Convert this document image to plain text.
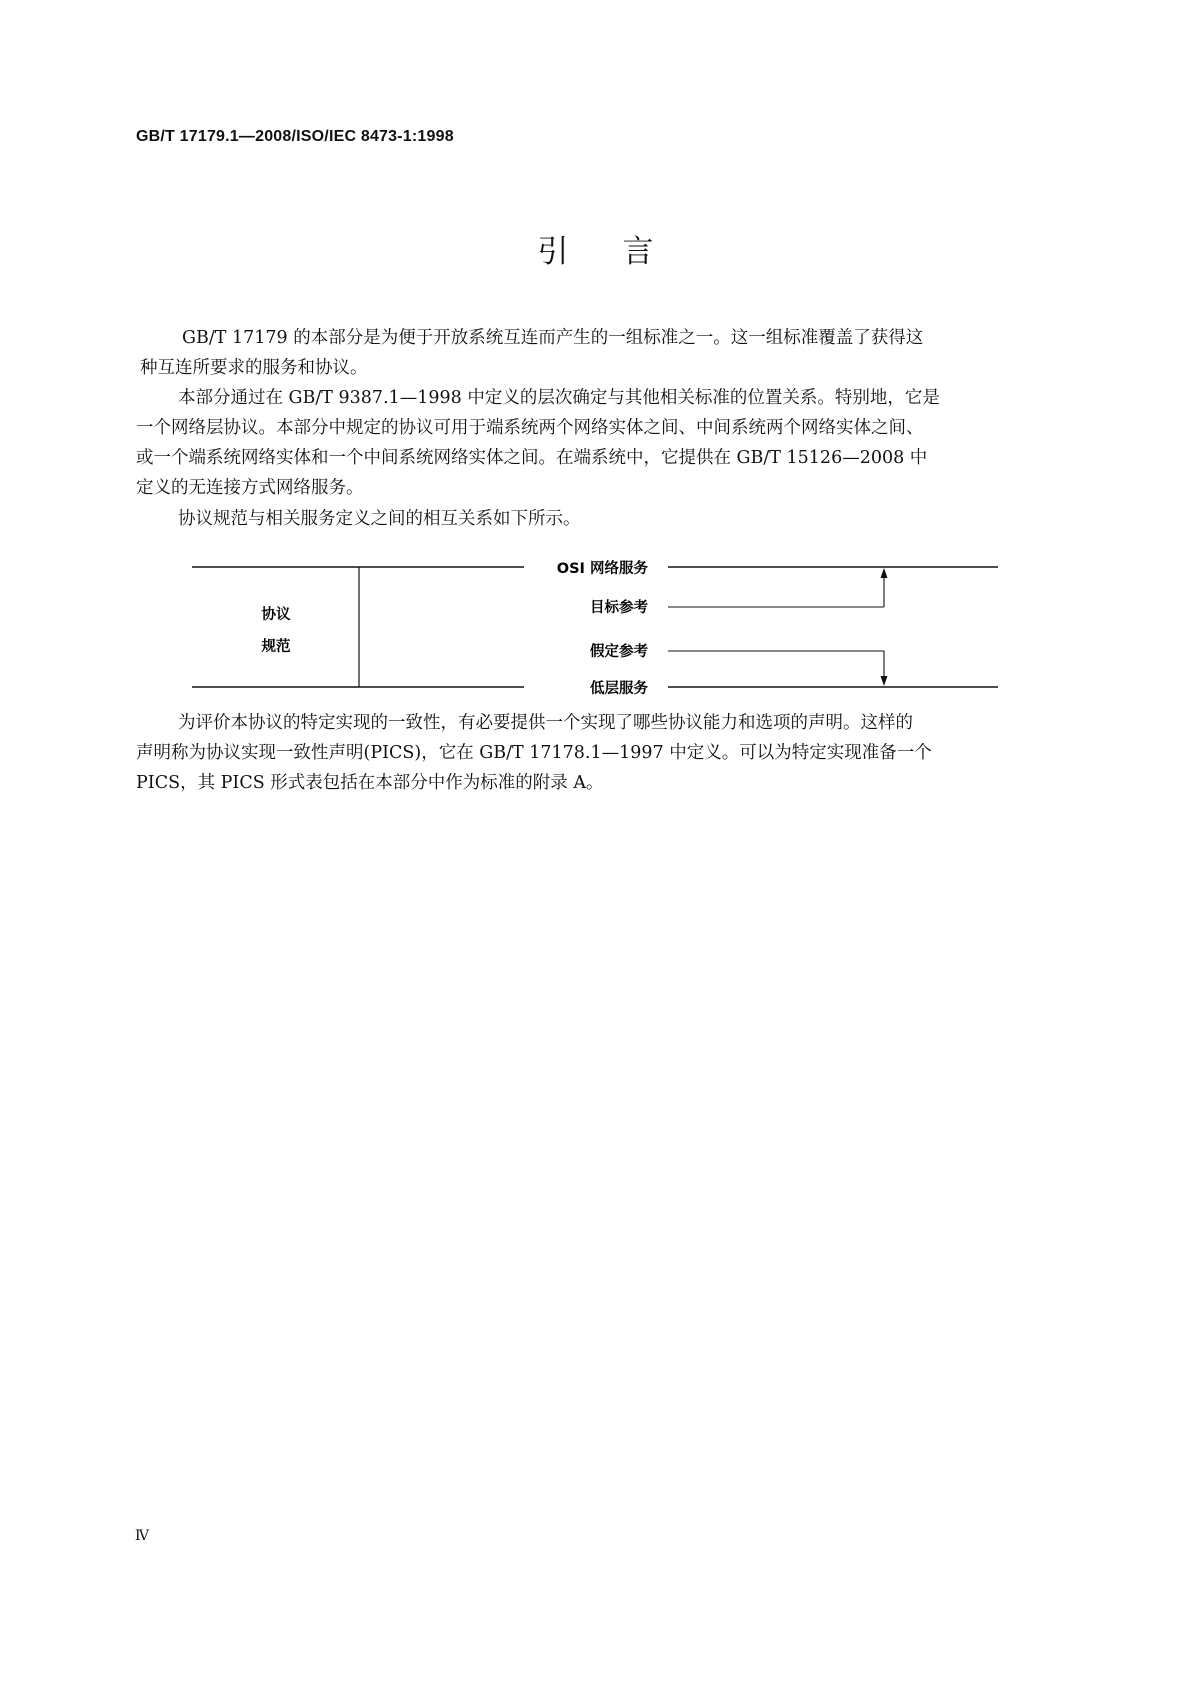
GB/T 17179.1—2008/ISO/IEC 8473-1:1998
引言
GB/T 17179 的本部分是为便于开放系统互连而产生的一组标准之一。这一组标准覆盖了获得这
种互连所要求的服务和协议。
本部分通过在 GB/T 9387.1—1998 中定义的层次确定与其他相关标准的位置关系。特别地，它是
一个网络层协议。本部分中规定的协议可用于端系统两个网络实体之间、中间系统两个网络实体之间、
或一个端系统网络实体和一个中间系统网络实体之间。在端系统中，它提供在 GB/T 15126—2008 中
定义的无连接方式网络服务。
协议规范与相关服务定义之间的相互关系如下所示。
协议
规范
OSI 网络服务
目标参考
假定参考
低层服务
为评价本协议的特定实现的一致性，有必要提供一个实现了哪些协议能力和选项的声明。这样的
声明称为协议实现一致性声明(PICS)，它在 GB/T 17178.1—1997 中定义。可以为特定实现准备一个
PICS，其 PICS 形式表包括在本部分中作为标准的附录 A。
Ⅳ
